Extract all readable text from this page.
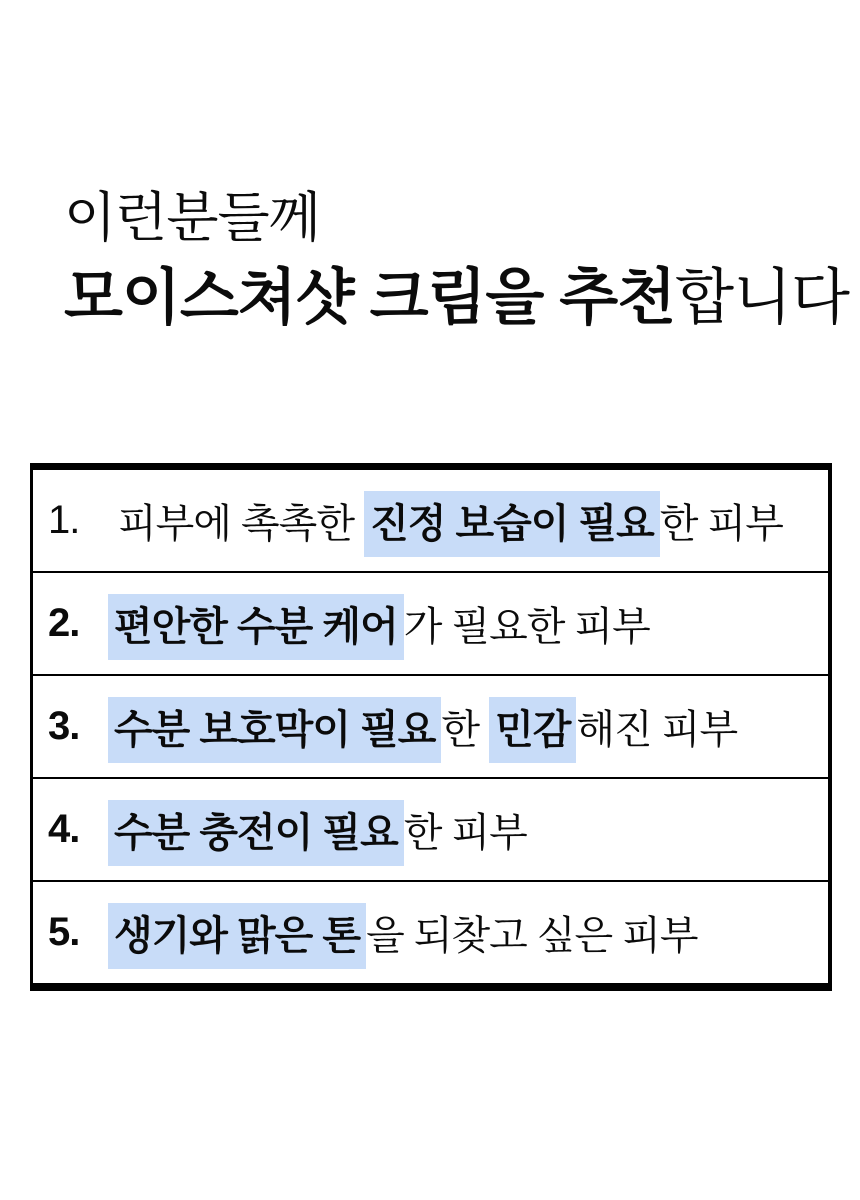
이런분들께
모이스쳐샷 크림을 추천합니다
1. 피부에 촉촉한 진정 보습이 필요 한 피부
2. 편안한 수분 케어 가 필요한 피부
3. 수분 보호막이 필요 한 민감 해진 피부
4. 수분 충전이 필요 한 피부
5. 생기와 맑은 톤 을 되찾고 싶은 피부
